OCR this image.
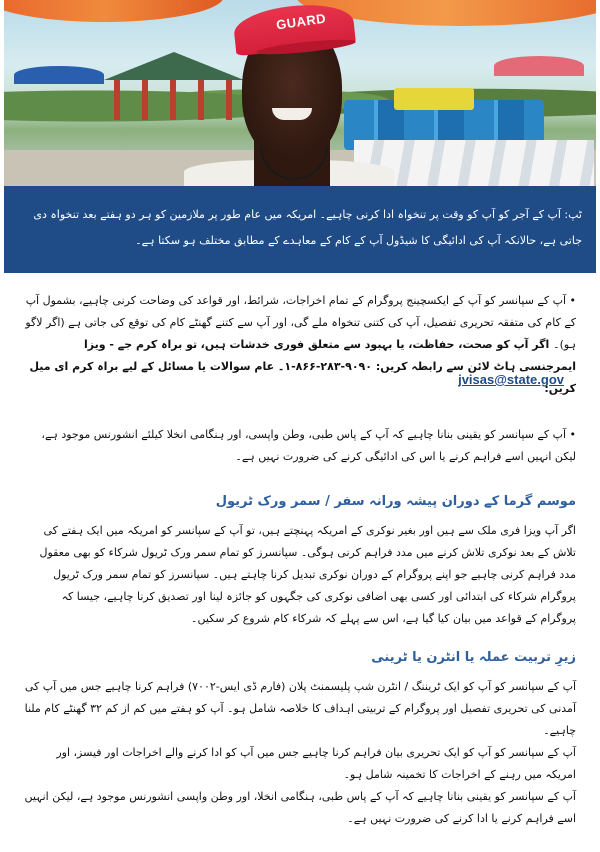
GUARD

ٹپ: آپ کے آجر کو آپ کو وقت پر تنخواہ ادا کرنی چاہیے۔ امریکہ میں عام طور پر ملازمین کو ہر دو ہفتے بعد تنخواہ دی جاتی ہے، حالانکہ آپ کی ادائیگی کا شیڈول آپ کے کام کے معاہدے کے مطابق مختلف ہو سکتا ہے۔

• آپ کے سپانسر کو آپ کے ایکسچینج پروگرام کے تمام اخراجات، شرائط، اور قواعد کی وضاحت کرنی چاہیے، بشمول آپ کے کام کی متفقہ تحریری تفصیل، آپ کی کتنی تنخواہ ملے گی، اور آپ سے کتنے گھنٹے کام کی توقع کی جاتی ہے (اگر لاگو ہو)۔ اگر آپ کو صحت، حفاظت، یا بہبود سے متعلق فوری خدشات ہیں، تو براہ کرم جے - ویزا ایمرجنسی ہاٹ لائن سے رابطہ کریں: ۹۰۹۰-۲۸۳-۸۶۶-۱۔ عام سوالات یا مسائل کے لیے براہ کرم ای میل کریں:

jvisas@state.gov

• آپ کے سپانسر کو یقینی بنانا چاہیے کہ آپ کے پاس طبی، وطن واپسی، اور ہنگامی انخلا کیلئے انشورنس موجود ہے، لیکن انہیں اسے فراہم کرنے یا اس کی ادائیگی کرنے کی ضرورت نہیں ہے۔

موسم گرما کے دوران پیشہ ورانہ سفر / سمر ورک ٹریول

اگر آپ ویزا فری ملک سے ہیں اور بغیر نوکری کے امریکہ پہنچتے ہیں، تو آپ کے سپانسر کو امریکہ میں ایک ہفتے کی تلاش کے بعد نوکری تلاش کرنے میں مدد فراہم کرنی ہوگی۔ سپانسرز کو تمام سمر ورک ٹریول شرکاء کو بھی معقول مدد فراہم کرنی چاہیے جو اپنے پروگرام کے دوران نوکری تبدیل کرنا چاہتے ہیں۔ سپانسرز کو تمام سمر ورک ٹریول پروگرام شرکاء کی ابتدائی اور کسی بھی اضافی نوکری کی جگہوں کو جائزہ لینا اور تصدیق کرنا چاہیے، جیسا کہ پروگرام کے قواعد میں بیان کیا گیا ہے، اس سے پہلے کہ شرکاء کام شروع کر سکیں۔

زیرِ تربیت عملہ یا انٹرن یا ٹرینی

آپ کے سپانسر کو آپ کو ایک ٹریننگ / انٹرن شپ پلیسمنٹ پلان (فارم ڈی ایس-۷۰۰۲) فراہم کرنا چاہیے جس میں آپ کی آمدنی کی تحریری تفصیل اور پروگرام کے تربیتی اہداف کا خلاصہ شامل ہو۔ آپ کو ہفتے میں کم از کم ۳۲ گھنٹے کام ملنا چاہیے۔

آپ کے سپانسر کو آپ کو ایک تحریری بیان فراہم کرنا چاہیے جس میں آپ کو ادا کرنے والے اخراجات اور فیسز، اور امریکہ میں رہنے کے اخراجات کا تخمینہ شامل ہو۔

آپ کے سپانسر کو یقینی بنانا چاہیے کہ آپ کے پاس طبی، ہنگامی انخلا، اور وطن واپسی انشورنس موجود ہے، لیکن انہیں اسے فراہم کرنے یا ادا کرنے کی ضرورت نہیں ہے۔
